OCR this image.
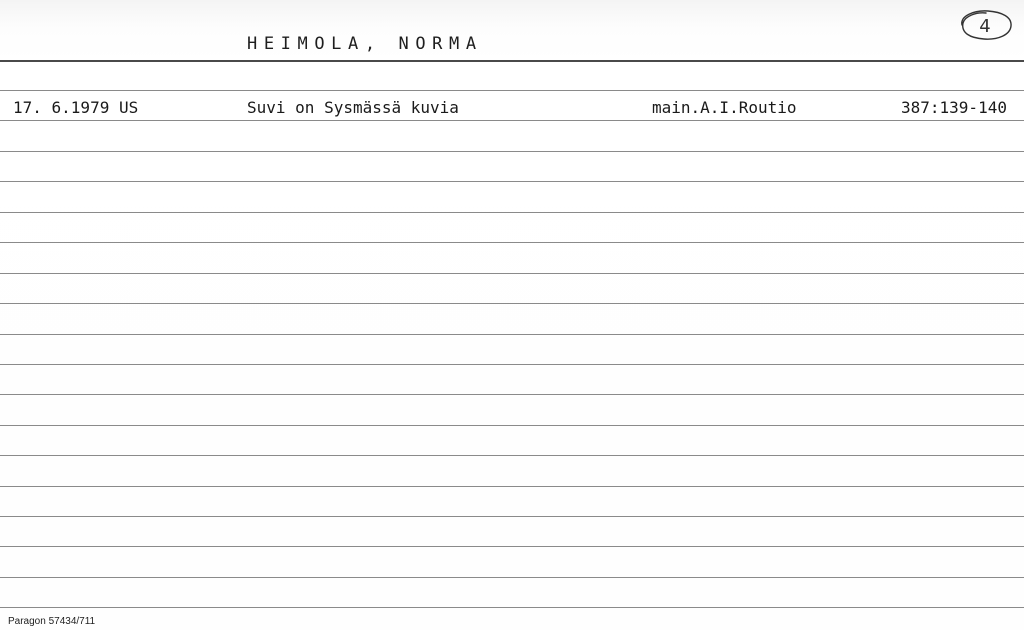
HEIMOLA, NORMA
4
17. 6.1979 US	Suvi on Sysmässä kuvia	main.A.I.Routio	387:139-140
Paragon 57434/711
